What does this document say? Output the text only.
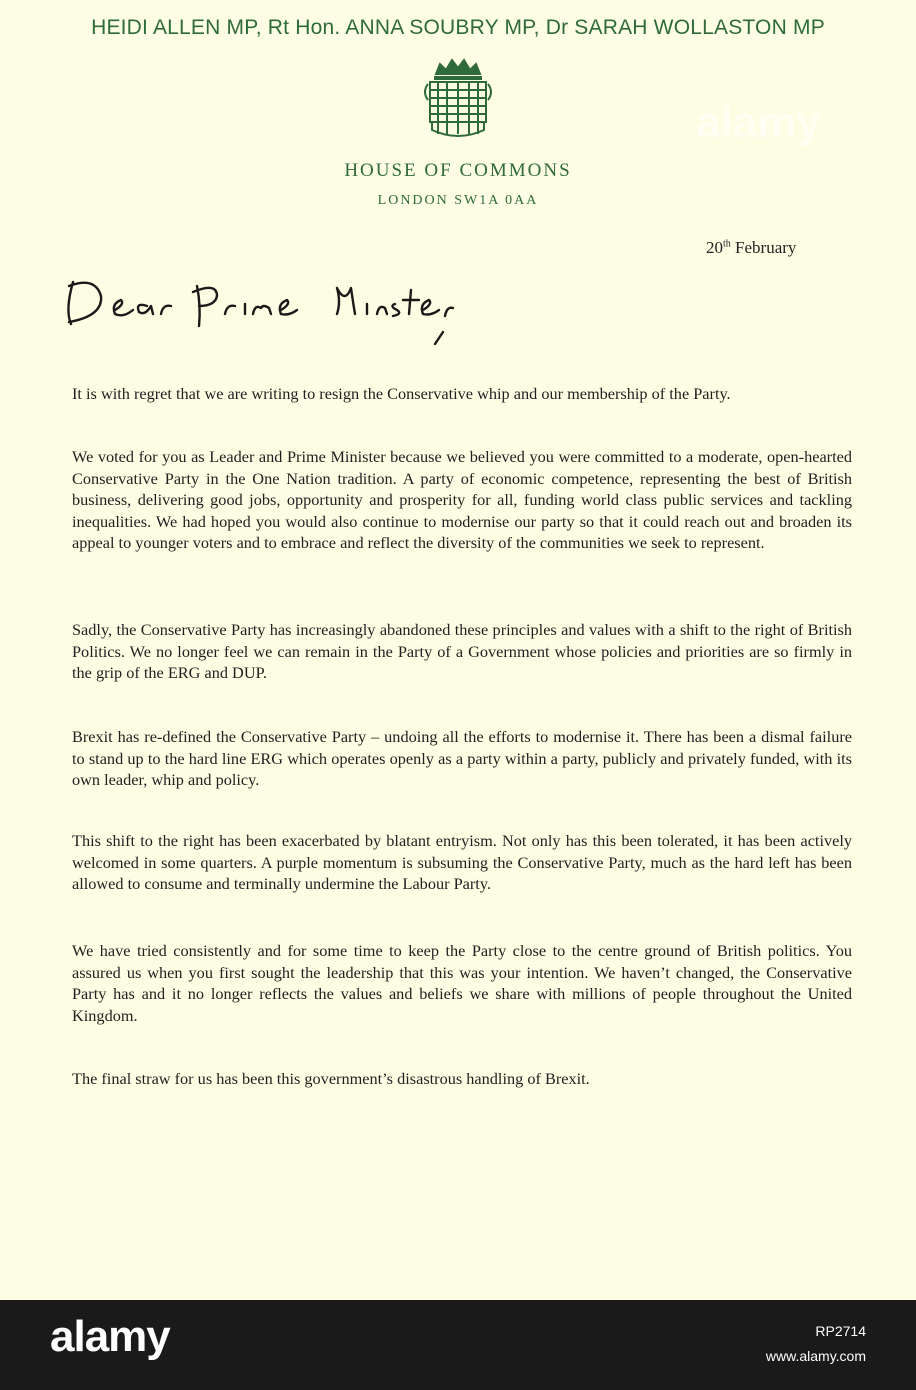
HEIDI ALLEN MP, Rt Hon. ANNA SOUBRY MP, Dr SARAH WOLLASTON MP
alamy
HOUSE OF COMMONS
LONDON SW1A 0AA
20th February

It is with regret that we are writing to resign the Conservative whip and our membership of the Party.

We voted for you as Leader and Prime Minister because we believed you were committed to a moderate, open-hearted Conservative Party in the One Nation tradition. A party of economic competence, representing the best of British business, delivering good jobs, opportunity and prosperity for all, funding world class public services and tackling inequalities. We had hoped you would also continue to modernise our party so that it could reach out and broaden its appeal to younger voters and to embrace and reflect the diversity of the communities we seek to represent.

Sadly, the Conservative Party has increasingly abandoned these principles and values with a shift to the right of British Politics. We no longer feel we can remain in the Party of a Government whose policies and priorities are so firmly in the grip of the ERG and DUP.

Brexit has re-defined the Conservative Party – undoing all the efforts to modernise it. There has been a dismal failure to stand up to the hard line ERG which operates openly as a party within a party, publicly and privately funded, with its own leader, whip and policy.

This shift to the right has been exacerbated by blatant entryism. Not only has this been tolerated, it has been actively welcomed in some quarters. A purple momentum is subsuming the Conservative Party, much as the hard left has been allowed to consume and terminally undermine the Labour Party.

We have tried consistently and for some time to keep the Party close to the centre ground of British politics. You assured us when you first sought the leadership that this was your intention. We haven’t changed, the Conservative Party has and it no longer reflects the values and beliefs we share with millions of people throughout the United Kingdom.

The final straw for us has been this government’s disastrous handling of Brexit.

alamy	RP2714
www.alamy.com
